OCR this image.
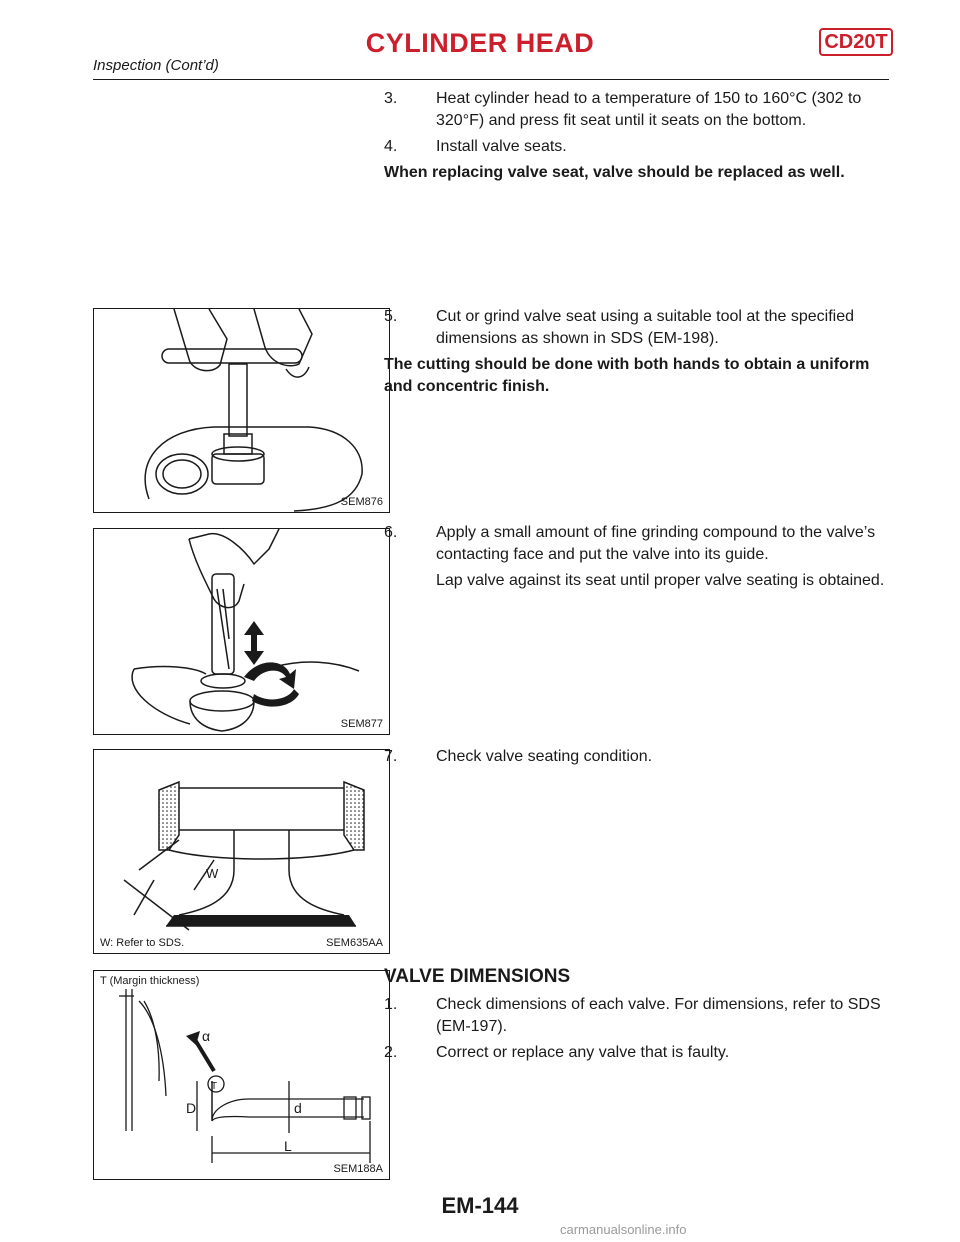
CYLINDER HEAD	CD20T
Inspection (Cont’d)

3. Heat cylinder head to a temperature of 150 to 160°C (302 to 320°F) and press fit seat until it seats on the bottom.

4. Install valve seats.

When replacing valve seat, valve should be replaced as well.

SEM876

5. Cut or grind valve seat using a suitable tool at the specified dimensions as shown in SDS (EM-198).

The cutting should be done with both hands to obtain a uniform and concentric finish.

SEM877

6. Apply a small amount of fine grinding compound to the valve’s contacting face and put the valve into its guide.

Lap valve against its seat until proper valve seating is obtained.

W
W: Refer to SDS.	SEM635AA

7. Check valve seating condition.

T (Margin thickness)
α
T
D	d
L
SEM188A

VALVE DIMENSIONS

1. Check dimensions of each valve. For dimensions, refer to SDS (EM-197).

2. Correct or replace any valve that is faulty.

EM-144
carmanualsonline.info
